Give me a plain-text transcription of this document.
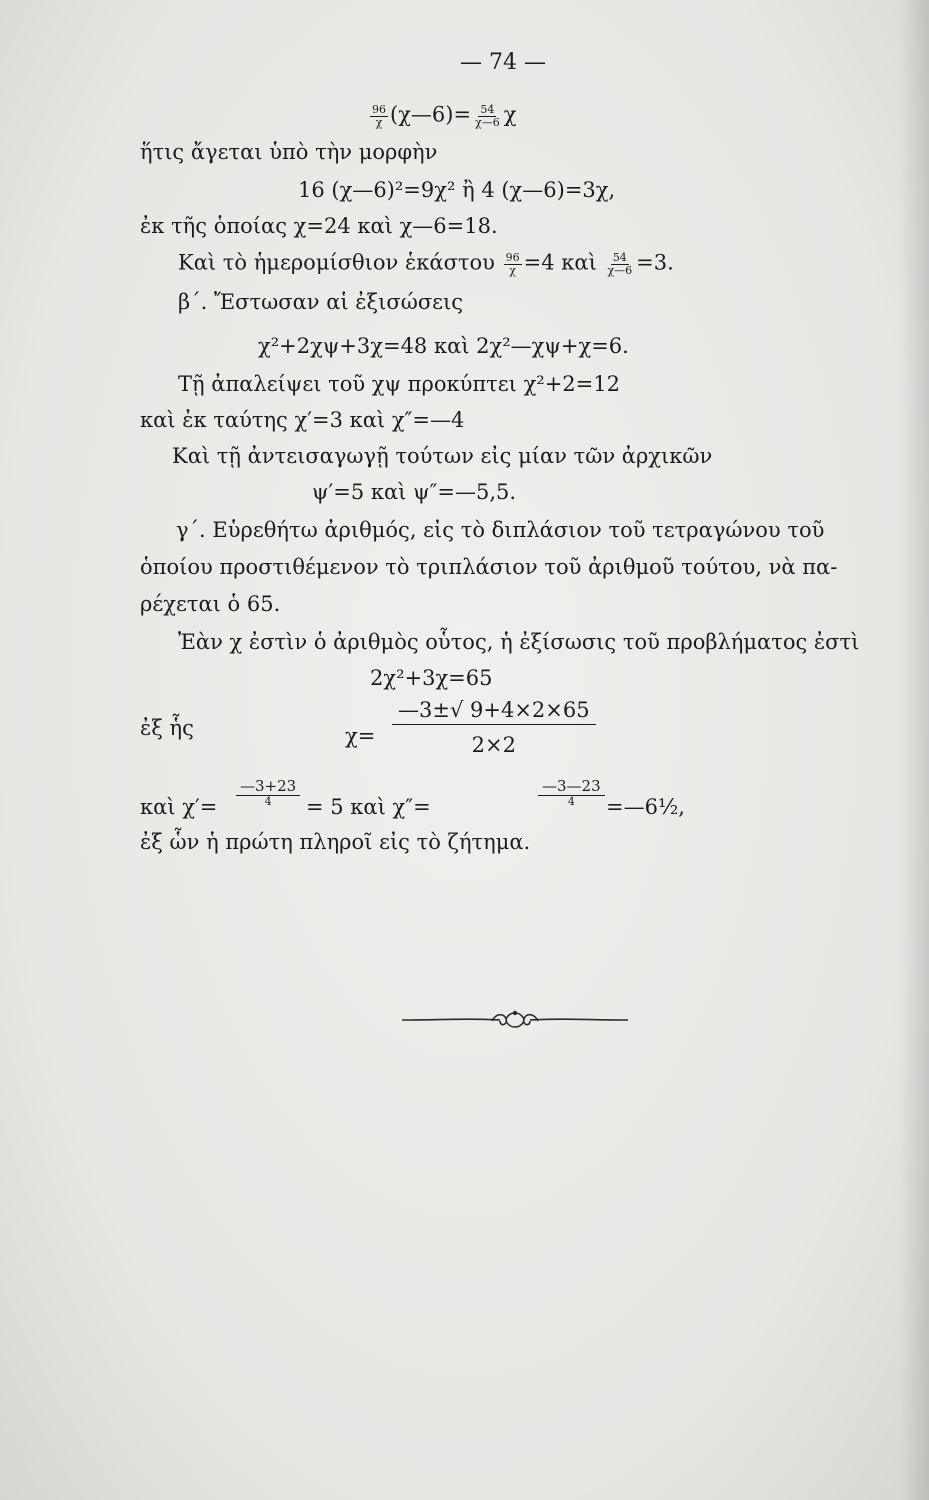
— 74 —
$\frac{96}{\chi}$ (χ—6)= $\frac{54}{\chi—6}$ χ
ἥτις ἄγεται ὑπὸ τὴν μορφὴν
16 (χ—6)²=9χ² ἢ 4 (χ—6)=3χ,
ἐκ τῆς ὁποίας χ=24 καὶ χ—6=18.
Καὶ τὸ ἡμερομίσθιον ἑκάστου $\frac{96}{\chi} =4$ καὶ $\frac{54}{\chi—6} =3$.
β΄. Ἔστωσαν αἱ ἐξισώσεις
χ²+2χψ+3χ=48 καὶ 2χ²—χψ+χ=6.
Τῇ ἀπαλείψει τοῦ χψ προκύπτει χ²+2=12
καὶ ἐκ ταύτης χ′=3 καὶ χ″=—4
Καὶ τῇ ἀντεισαγωγῇ τούτων εἰς μίαν τῶν ἀρχικῶν
ψ′=5 καὶ ψ″=—5,5.
γ΄. Εὑρεθήτω ἀριθμός, εἰς τὸ διπλάσιον τοῦ τετραγώνου τοῦ
ὁποίου προστιθέμενον τὸ τριπλάσιον τοῦ ἀριθμοῦ τούτου, νὰ πα-
ρέχεται ὁ 65.
Ἐὰν χ ἐστὶν ὁ ἀριθμὸς οὗτος, ἡ ἐξίσωσις τοῦ προβλήματος ἐστὶ
2χ²+3χ=65
ἐξ ἧς	$\chi= \frac{—3\pm√ 9+4\times 2\times 65}{2\times 2}$
καὶ χ′=
—3+23
4 = 5 καὶ χ″=
—3—23
4 =—6½,
ἐξ ὧν ἡ πρώτη πληροῖ εἰς τὸ ζήτημα.
